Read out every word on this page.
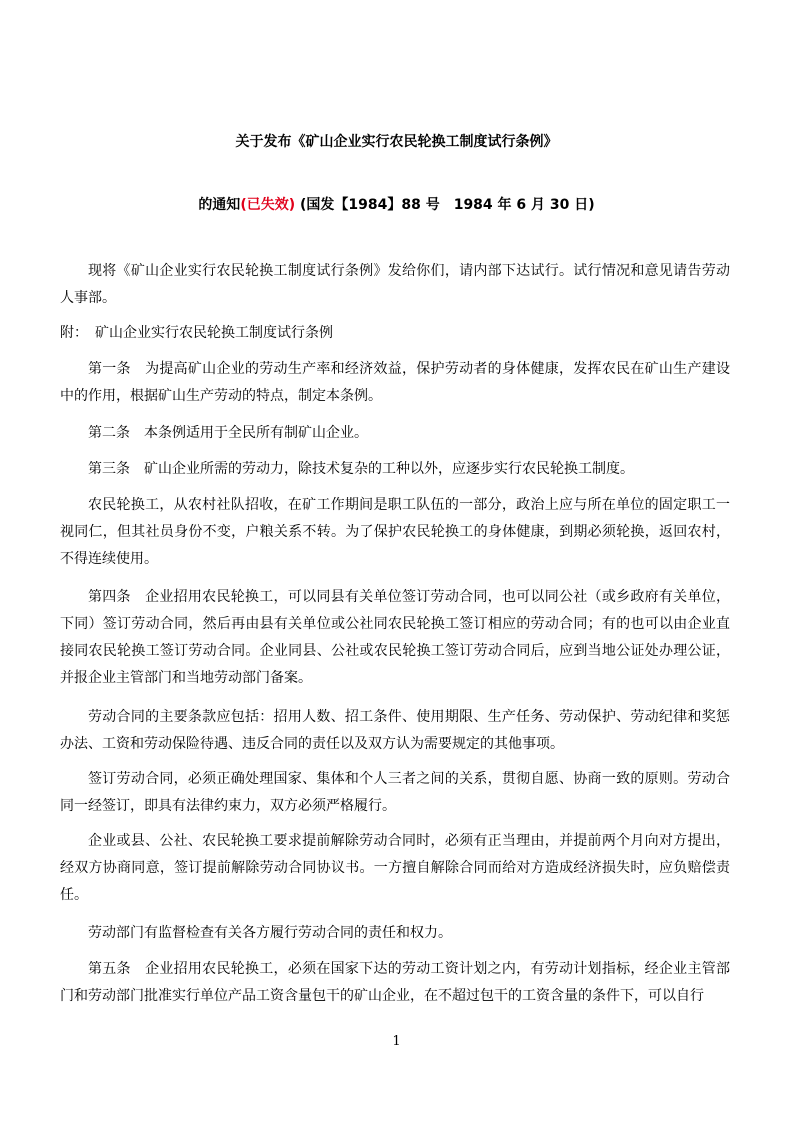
关于发布《矿山企业实行农民轮换工制度试行条例》
的通知(已失效) (国发【1984】88 号　1984 年 6 月 30 日)

现将《矿山企业实行农民轮换工制度试行条例》发给你们，请内部下达试行。试行情况和意见请告劳动人事部。

附：　矿山企业实行农民轮换工制度试行条例

第一条　为提高矿山企业的劳动生产率和经济效益，保护劳动者的身体健康，发挥农民在矿山生产建设中的作用，根据矿山生产劳动的特点，制定本条例。

第二条　本条例适用于全民所有制矿山企业。

第三条　矿山企业所需的劳动力，除技术复杂的工种以外，应逐步实行农民轮换工制度。

农民轮换工，从农村社队招收，在矿工作期间是职工队伍的一部分，政治上应与所在单位的固定职工一视同仁，但其社员身份不变，户粮关系不转。为了保护农民轮换工的身体健康，到期必须轮换，返回农村，不得连续使用。

第四条　企业招用农民轮换工，可以同县有关单位签订劳动合同，也可以同公社（或乡政府有关单位，下同）签订劳动合同，然后再由县有关单位或公社同农民轮换工签订相应的劳动合同；有的也可以由企业直接同农民轮换工签订劳动合同。企业同县、公社或农民轮换工签订劳动合同后，应到当地公证处办理公证，并报企业主管部门和当地劳动部门备案。

劳动合同的主要条款应包括：招用人数、招工条件、使用期限、生产任务、劳动保护、劳动纪律和奖惩办法、工资和劳动保险待遇、违反合同的责任以及双方认为需要规定的其他事项。

签订劳动合同，必须正确处理国家、集体和个人三者之间的关系，贯彻自愿、协商一致的原则。劳动合同一经签订，即具有法律约束力，双方必须严格履行。

企业或县、公社、农民轮换工要求提前解除劳动合同时，必须有正当理由，并提前两个月向对方提出，经双方协商同意，签订提前解除劳动合同协议书。一方擅自解除合同而给对方造成经济损失时，应负赔偿责任。

劳动部门有监督检查有关各方履行劳动合同的责任和权力。

第五条　企业招用农民轮换工，必须在国家下达的劳动工资计划之内，有劳动计划指标，经企业主管部门和劳动部门批准实行单位产品工资含量包干的矿山企业，在不超过包干的工资含量的条件下，可以自行

1
